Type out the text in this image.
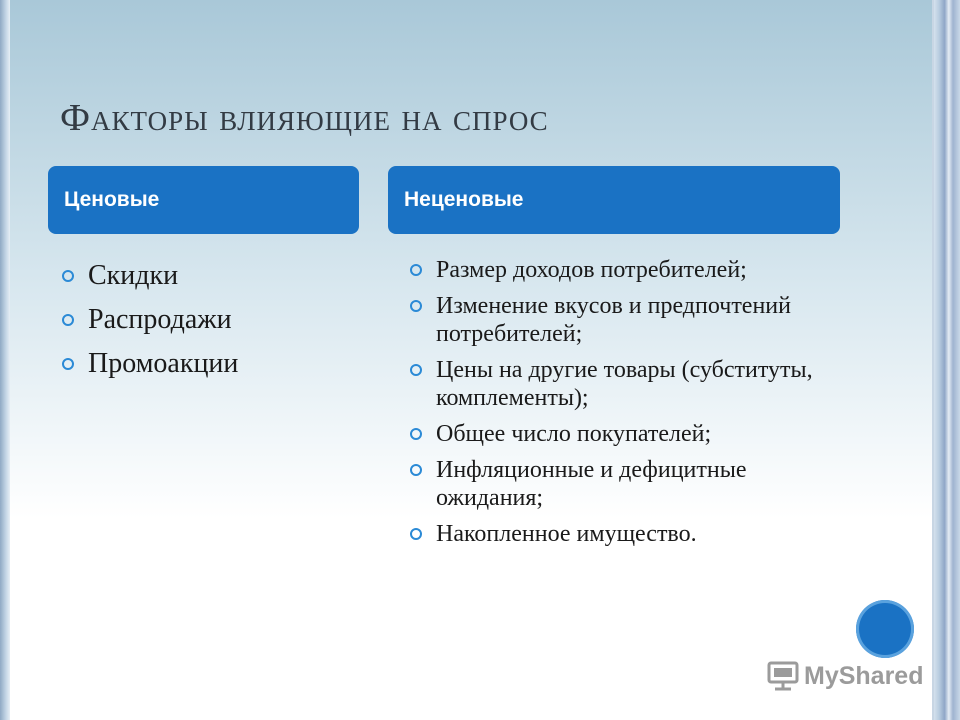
Факторы влияющие на спрос
Ценовые	Неценовые
Скидки
Распродажи
Промоакции
Размер доходов потребителей;
Изменение вкусов и предпочтений потребителей;
Цены на другие товары (субституты, комплементы);
Общее число покупателей;
Инфляционные и дефицитные ожидания;
Накопленное имущество.
MyShared
